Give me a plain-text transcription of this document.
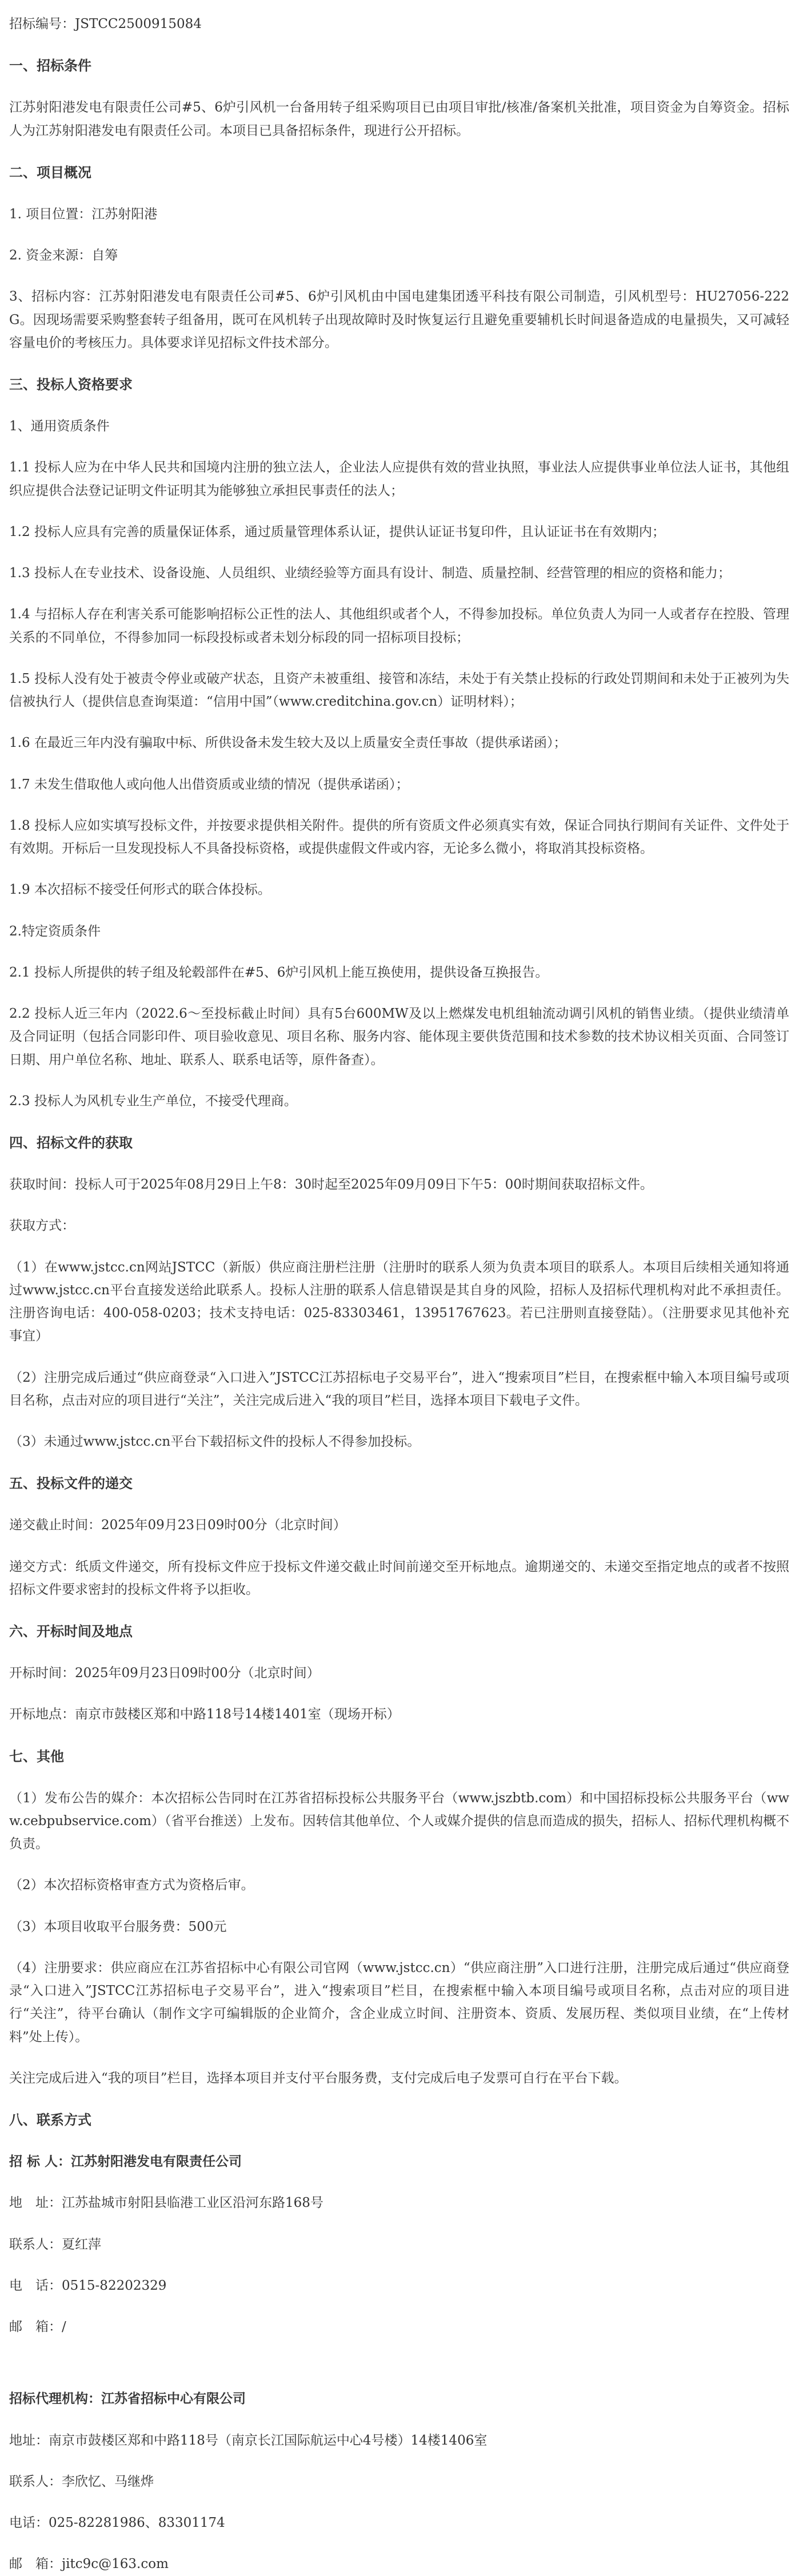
招标编号：JSTCC2500915084

一、招标条件

江苏射阳港发电有限责任公司#5、6炉引风机一台备用转子组采购项目已由项目审批/核准/备案机关批准，项目资金为自筹资金。招标人为江苏射阳港发电有限责任公司。本项目已具备招标条件，现进行公开招标。

二、项目概况

1. 项目位置：江苏射阳港

2. 资金来源：自筹

3、招标内容：江苏射阳港发电有限责任公司#5、6炉引风机由中国电建集团透平科技有限公司制造，引风机型号：HU27056-222G。因现场需要采购整套转子组备用，既可在风机转子出现故障时及时恢复运行且避免重要辅机长时间退备造成的电量损失，又可减轻容量电价的考核压力。具体要求详见招标文件技术部分。

三、投标人资格要求

1、通用资质条件

1.1 投标人应为在中华人民共和国境内注册的独立法人，企业法人应提供有效的营业执照，事业法人应提供事业单位法人证书，其他组织应提供合法登记证明文件证明其为能够独立承担民事责任的法人；

1.2 投标人应具有完善的质量保证体系，通过质量管理体系认证，提供认证证书复印件，且认证证书在有效期内；

1.3 投标人在专业技术、设备设施、人员组织、业绩经验等方面具有设计、制造、质量控制、经营管理的相应的资格和能力；

1.4 与招标人存在利害关系可能影响招标公正性的法人、其他组织或者个人，不得参加投标。单位负责人为同一人或者存在控股、管理关系的不同单位，不得参加同一标段投标或者未划分标段的同一招标项目投标；

1.5 投标人没有处于被责令停业或破产状态，且资产未被重组、接管和冻结，未处于有关禁止投标的行政处罚期间和未处于正被列为失信被执行人（提供信息查询渠道：“信用中国”（www.creditchina.gov.cn）证明材料）；

1.6 在最近三年内没有骗取中标、所供设备未发生较大及以上质量安全责任事故（提供承诺函）；

1.7 未发生借取他人或向他人出借资质或业绩的情况（提供承诺函）；

1.8 投标人应如实填写投标文件，并按要求提供相关附件。提供的所有资质文件必须真实有效，保证合同执行期间有关证件、文件处于有效期。开标后一旦发现投标人不具备投标资格，或提供虚假文件或内容，无论多么微小，将取消其投标资格。

1.9 本次招标不接受任何形式的联合体投标。

2.特定资质条件

2.1 投标人所提供的转子组及轮毂部件在#5、6炉引风机上能互换使用，提供设备互换报告。

2.2 投标人近三年内（2022.6～至投标截止时间）具有5台600MW及以上燃煤发电机组轴流动调引风机的销售业绩。（提供业绩清单及合同证明（包括合同影印件、项目验收意见、项目名称、服务内容、能体现主要供货范围和技术参数的技术协议相关页面、合同签订日期、用户单位名称、地址、联系人、联系电话等，原件备查）。

2.3 投标人为风机专业生产单位，不接受代理商。

四、招标文件的获取

获取时间：投标人可于2025年08月29日上午8：30时起至2025年09月09日下午5：00时期间获取招标文件。

获取方式：

（1）在www.jstcc.cn网站JSTCC（新版）供应商注册栏注册（注册时的联系人须为负责本项目的联系人。本项目后续相关通知将通过www.jstcc.cn平台直接发送给此联系人。投标人注册的联系人信息错误是其自身的风险，招标人及招标代理机构对此不承担责任。注册咨询电话：400-058-0203；技术支持电话：025-83303461，13951767623。若已注册则直接登陆）。（注册要求见其他补充事宜）

（2）注册完成后通过“供应商登录“入口进入”JSTCC江苏招标电子交易平台”，进入“搜索项目”栏目，在搜索框中输入本项目编号或项目名称，点击对应的项目进行“关注”，关注完成后进入“我的项目”栏目，选择本项目下载电子文件。

（3）未通过www.jstcc.cn平台下载招标文件的投标人不得参加投标。

五、投标文件的递交

递交截止时间：2025年09月23日09时00分（北京时间）

递交方式：纸质文件递交，所有投标文件应于投标文件递交截止时间前递交至开标地点。逾期递交的、未递交至指定地点的或者不按照招标文件要求密封的投标文件将予以拒收。

六、开标时间及地点

开标时间：2025年09月23日09时00分（北京时间）

开标地点：南京市鼓楼区郑和中路118号14楼1401室（现场开标）

七、其他

（1）发布公告的媒介：本次招标公告同时在江苏省招标投标公共服务平台（www.jszbtb.com）和中国招标投标公共服务平台（www.cebpubservice.com）（省平台推送）上发布。因转信其他单位、个人或媒介提供的信息而造成的损失，招标人、招标代理机构概不负责。

（2）本次招标资格审查方式为资格后审。

（3）本项目收取平台服务费：500元

（4）注册要求：供应商应在江苏省招标中心有限公司官网（www.jstcc.cn）“供应商注册”入口进行注册，注册完成后通过“供应商登录“入口进入”JSTCC江苏招标电子交易平台”，进入“搜索项目”栏目，在搜索框中输入本项目编号或项目名称，点击对应的项目进行“关注”，待平台确认（制作文字可编辑版的企业简介，含企业成立时间、注册资本、资质、发展历程、类似项目业绩，在“上传材料”处上传）。

关注完成后进入“我的项目”栏目，选择本项目并支付平台服务费，支付完成后电子发票可自行在平台下载。

八、联系方式

招 标 人：江苏射阳港发电有限责任公司

地　址：江苏盐城市射阳县临港工业区沿河东路168号

联系人：夏红萍

电　话：0515-82202329

邮　箱：/

招标代理机构：江苏省招标中心有限公司

地址：南京市鼓楼区郑和中路118号（南京长江国际航运中心4号楼）14楼1406室

联系人：李欣忆、马继烨

电话：025-82281986、83301174

邮　箱：jitc9c@163.com
